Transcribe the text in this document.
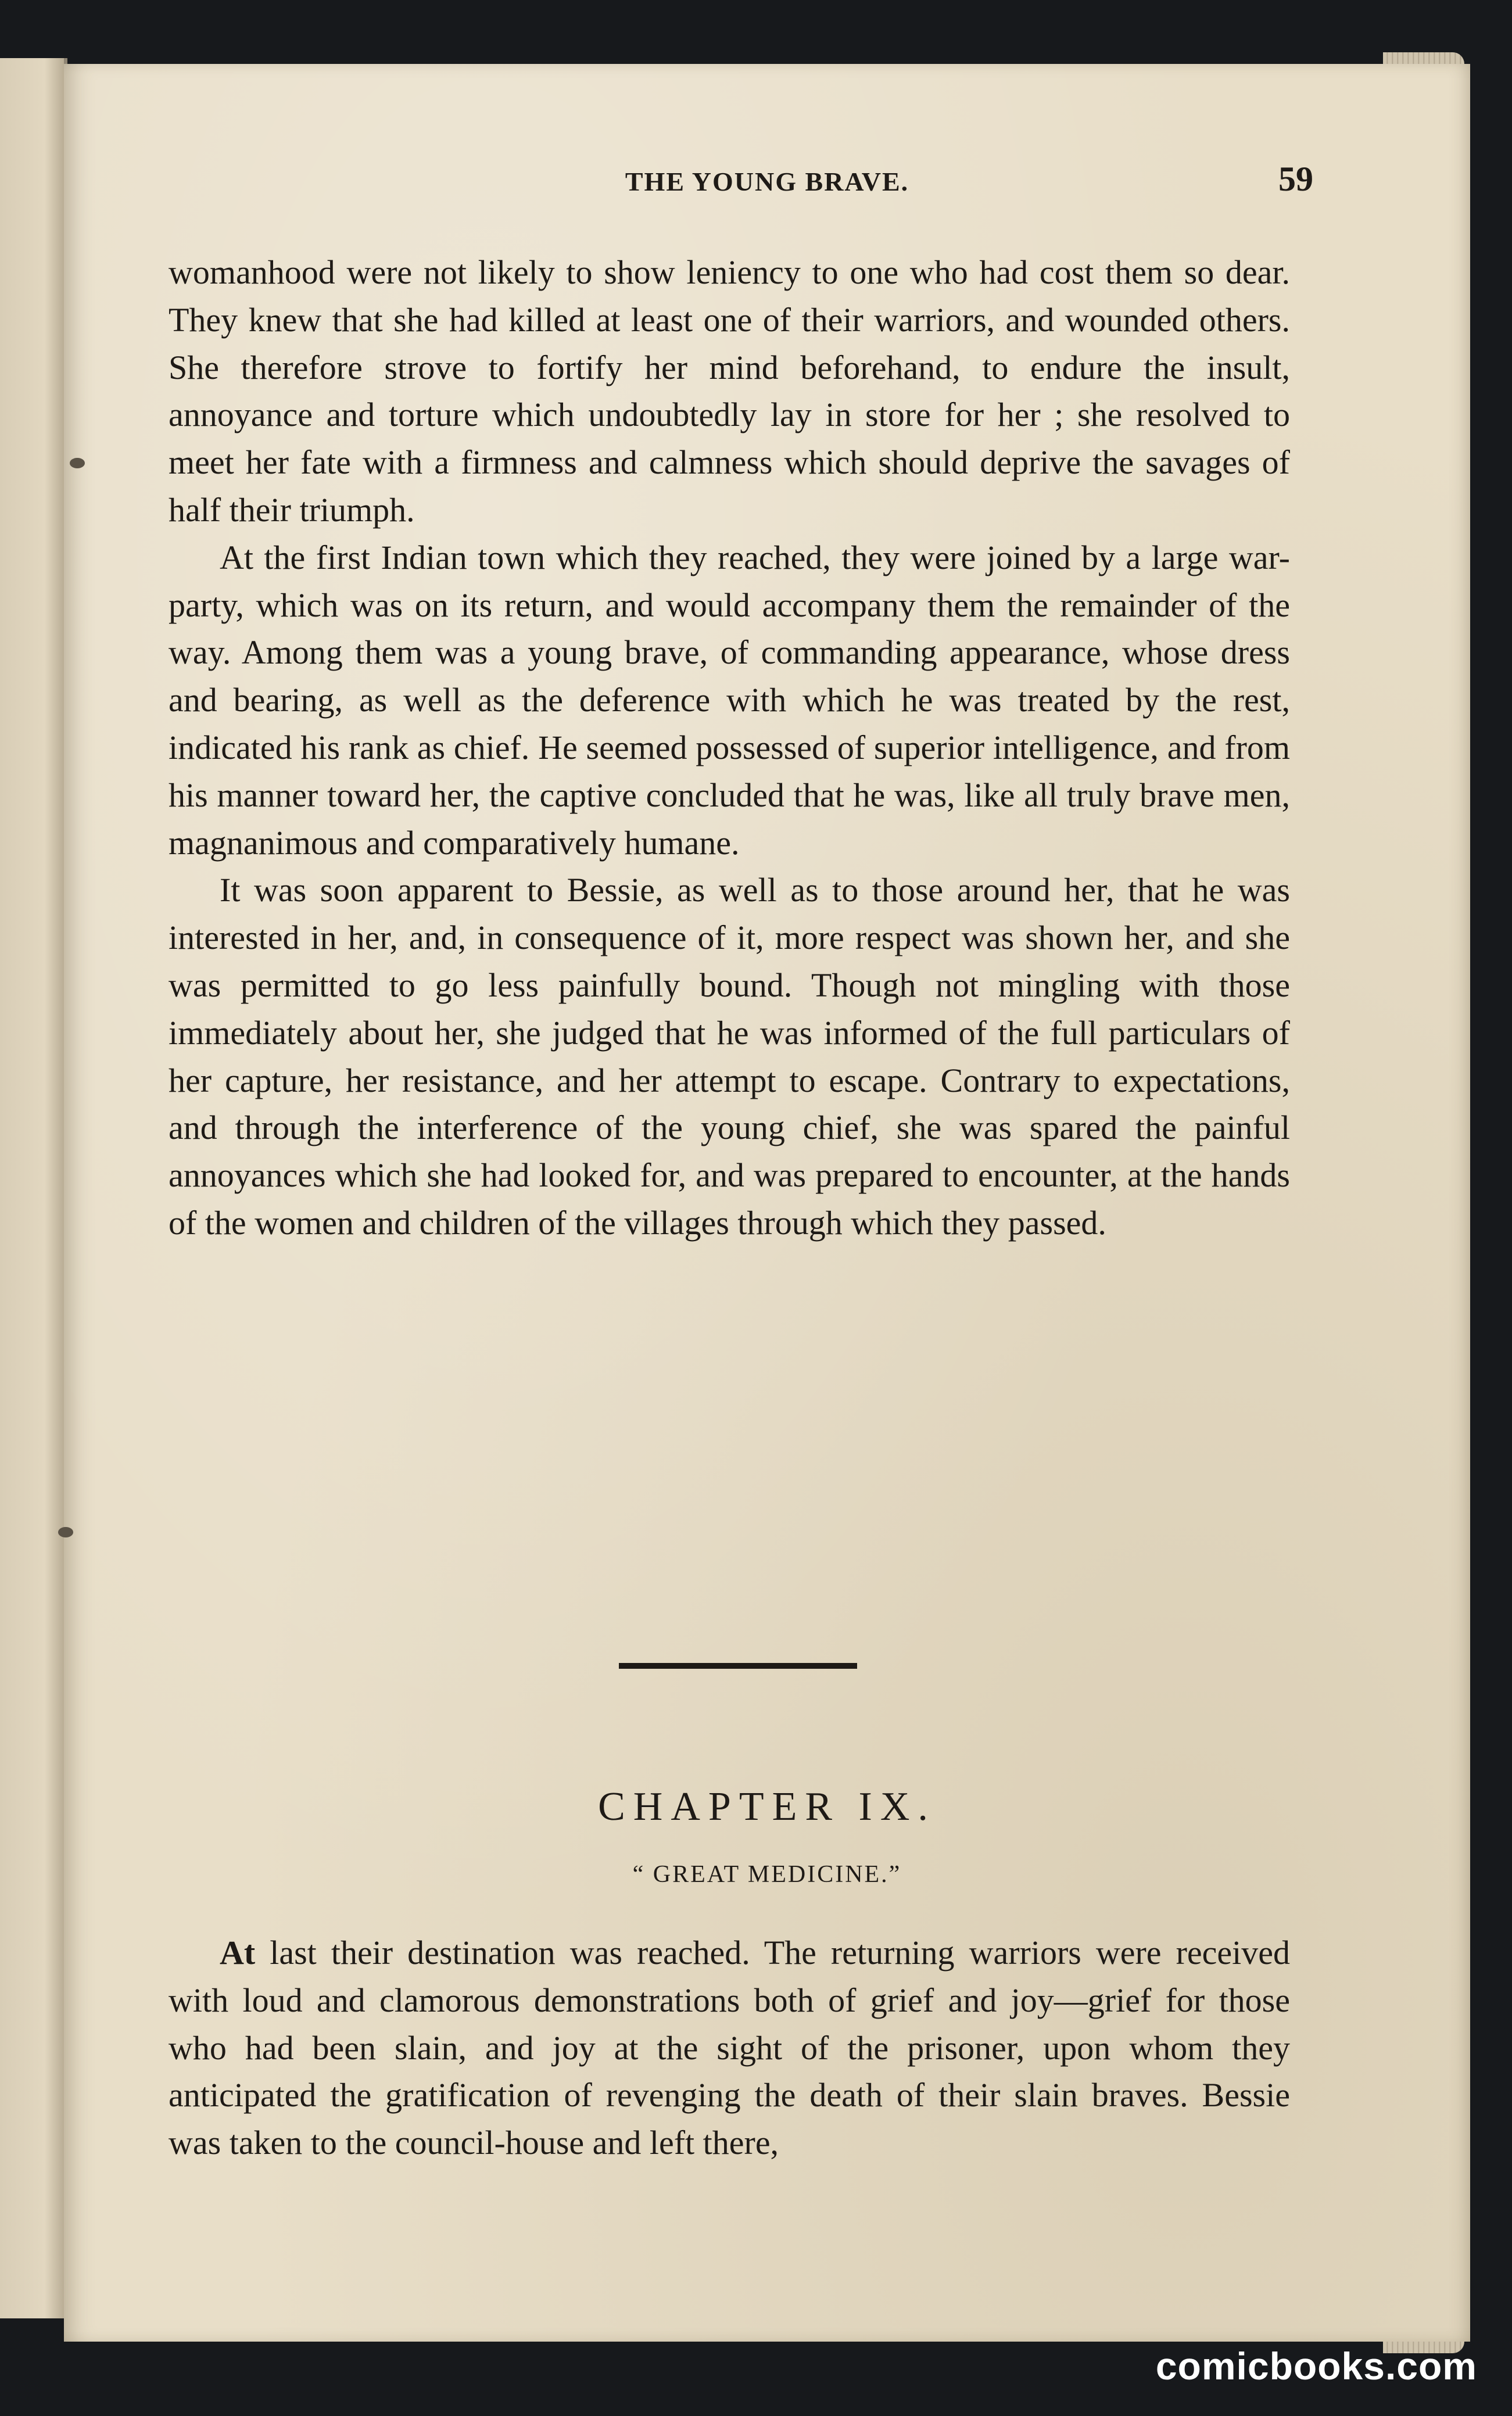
THE YOUNG BRAVE.	59

womanhood were not likely to show leniency to one who had cost them so dear. They knew that she had killed at least one of their warriors, and wounded others. She therefore strove to fortify her mind beforehand, to endure the insult, annoyance and torture which undoubtedly lay in store for her ; she resolved to meet her fate with a firmness and calmness which should deprive the savages of half their triumph.

At the first Indian town which they reached, they were joined by a large war-party, which was on its return, and would accompany them the remainder of the way. Among them was a young brave, of commanding appearance, whose dress and bearing, as well as the deference with which he was treated by the rest, indicated his rank as chief. He seemed possessed of superior intelligence, and from his manner toward her, the captive concluded that he was, like all truly brave men, magnanimous and comparatively humane.

It was soon apparent to Bessie, as well as to those around her, that he was interested in her, and, in consequence of it, more respect was shown her, and she was permitted to go less painfully bound. Though not mingling with those immediately about her, she judged that he was informed of the full particulars of her capture, her resistance, and her attempt to escape. Contrary to expectations, and through the interference of the young chief, she was spared the painful annoyances which she had looked for, and was prepared to encounter, at the hands of the women and children of the villages through which they passed.

CHAPTER IX.
“ GREAT MEDICINE.”

At last their destination was reached. The returning warriors were received with loud and clamorous demonstrations both of grief and joy—grief for those who had been slain, and joy at the sight of the prisoner, upon whom they anticipated the gratification of revenging the death of their slain braves. Bessie was taken to the council-house and left there,

comicbooks.com
